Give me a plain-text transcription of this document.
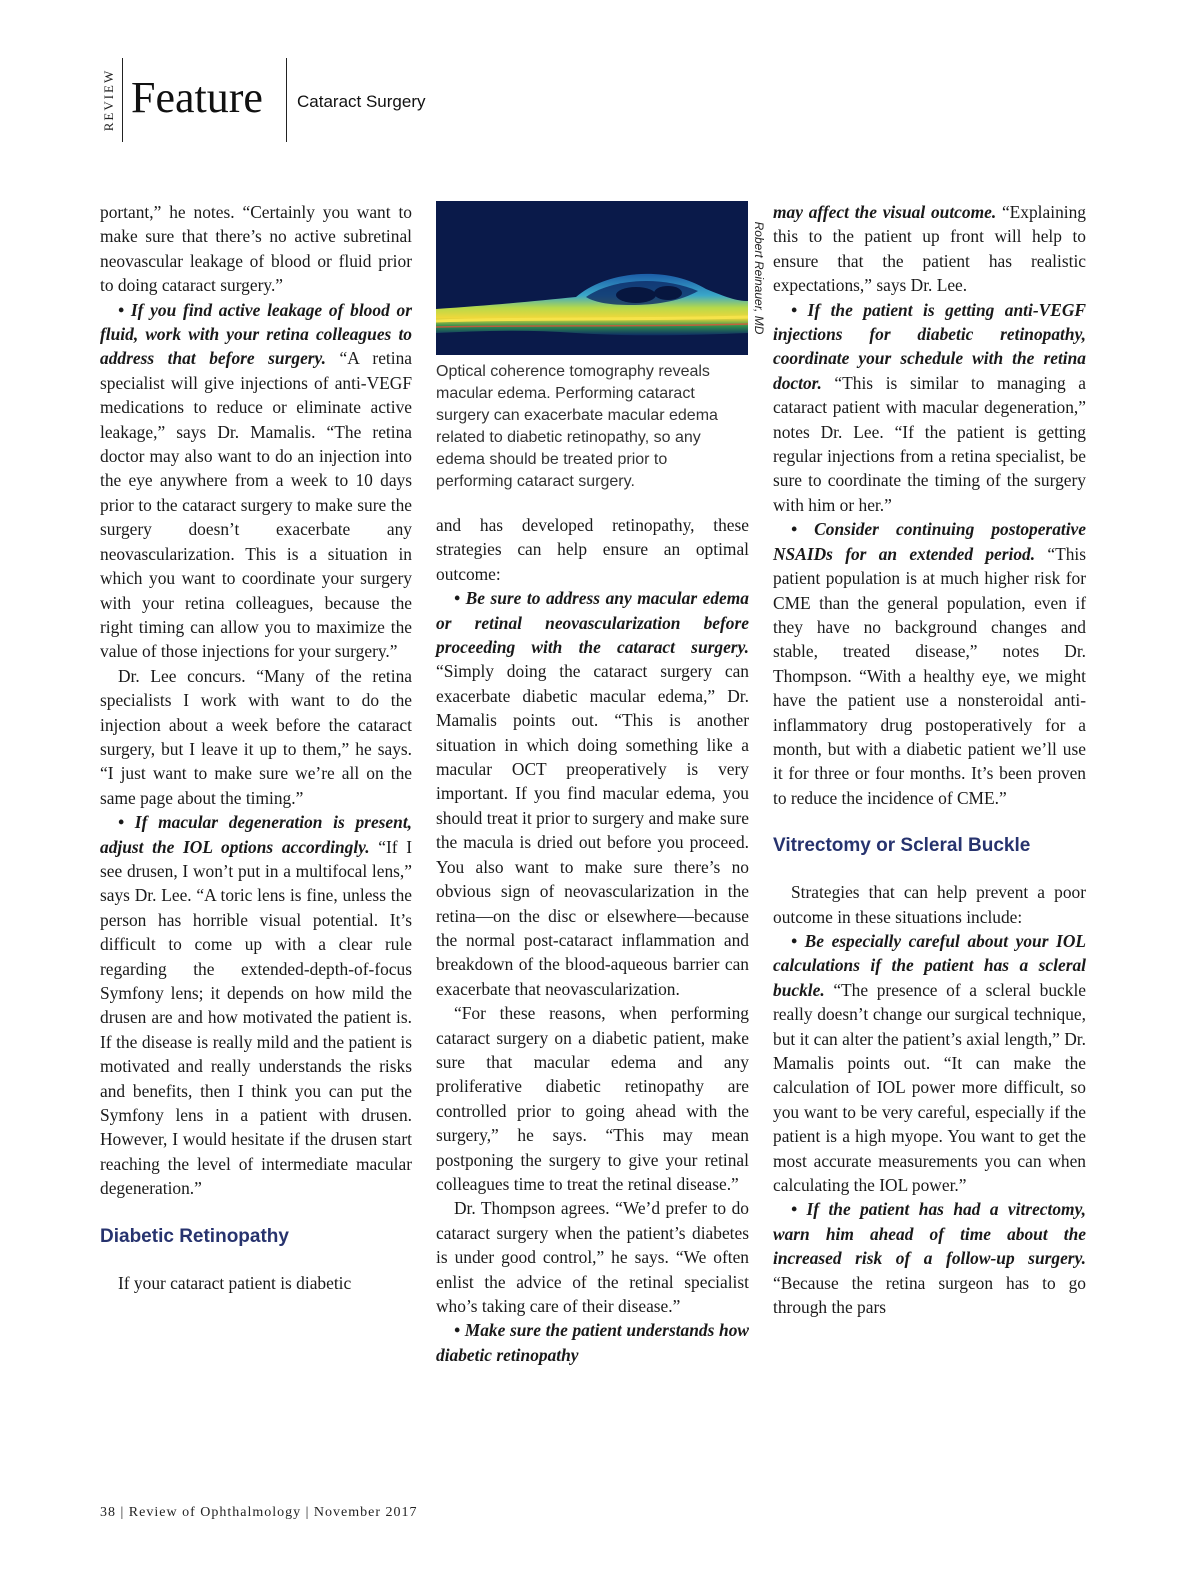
REVIEW Feature Cataract Surgery

portant,” he notes. “Certainly you want to make sure that there’s no active subretinal neovascular leakage of blood or fluid prior to doing cataract surgery.”

• If you find active leakage of blood or fluid, work with your retina colleagues to address that before surgery. “A retina specialist will give injections of anti-VEGF medications to reduce or eliminate active leakage,” says Dr. Mamalis. “The retina doctor may also want to do an injection into the eye anywhere from a week to 10 days prior to the cataract surgery to make sure the surgery doesn’t exacerbate any neovascularization. This is a situation in which you want to coordinate your surgery with your retina colleagues, because the right timing can allow you to maximize the value of those injections for your surgery.”

Dr. Lee concurs. “Many of the retina specialists I work with want to do the injection about a week before the cataract surgery, but I leave it up to them,” he says. “I just want to make sure we’re all on the same page about the timing.”

• If macular degeneration is present, adjust the IOL options accordingly. “If I see drusen, I won’t put in a multifocal lens,” says Dr. Lee. “A toric lens is fine, unless the person has horrible visual potential. It’s difficult to come up with a clear rule regarding the extended-depth-of-focus Symfony lens; it depends on how mild the drusen are and how motivated the patient is. If the disease is really mild and the patient is motivated and really understands the risks and benefits, then I think you can put the Symfony lens in a patient with drusen. However, I would hesitate if the drusen start reaching the level of intermediate macular degeneration.”

Diabetic Retinopathy

If your cataract patient is diabetic

Robert Reinauer, MD
Optical coherence tomography reveals macular edema. Performing cataract surgery can exacerbate macular edema related to diabetic retinopathy, so any edema should be treated prior to performing cataract surgery.

and has developed retinopathy, these strategies can help ensure an optimal outcome:

• Be sure to address any macular edema or retinal neovascularization before proceeding with the cataract surgery. “Simply doing the cataract surgery can exacerbate diabetic macular edema,” Dr. Mamalis points out. “This is another situation in which doing something like a macular OCT preoperatively is very important. If you find macular edema, you should treat it prior to surgery and make sure the macula is dried out before you proceed. You also want to make sure there’s no obvious sign of neovascularization in the retina—on the disc or elsewhere—because the normal post-cataract inflammation and breakdown of the blood-aqueous barrier can exacerbate that neovascularization.

“For these reasons, when performing cataract surgery on a diabetic patient, make sure that macular edema and any proliferative diabetic retinopathy are controlled prior to going ahead with the surgery,” he says. “This may mean postponing the surgery to give your retinal colleagues time to treat the retinal disease.”

Dr. Thompson agrees. “We’d prefer to do cataract surgery when the patient’s diabetes is under good control,” he says. “We often enlist the advice of the retinal specialist who’s taking care of their disease.”

• Make sure the patient understands how diabetic retinopathy

may affect the visual outcome. “Explaining this to the patient up front will help to ensure that the patient has realistic expectations,” says Dr. Lee.

• If the patient is getting anti-VEGF injections for diabetic retinopathy, coordinate your schedule with the retina doctor. “This is similar to managing a cataract patient with macular degeneration,” notes Dr. Lee. “If the patient is getting regular injections from a retina specialist, be sure to coordinate the timing of the surgery with him or her.”

• Consider continuing postoperative NSAIDs for an extended period. “This patient population is at much higher risk for CME than the general population, even if they have no background changes and stable, treated disease,” notes Dr. Thompson. “With a healthy eye, we might have the patient use a nonsteroidal anti-inflammatory drug postoperatively for a month, but with a diabetic patient we’ll use it for three or four months. It’s been proven to reduce the incidence of CME.”

Vitrectomy or Scleral Buckle

Strategies that can help prevent a poor outcome in these situations include:

• Be especially careful about your IOL calculations if the patient has a scleral buckle. “The presence of a scleral buckle really doesn’t change our surgical technique, but it can alter the patient’s axial length,” Dr. Mamalis points out. “It can make the calculation of IOL power more difficult, so you want to be very careful, especially if the patient is a high myope. You want to get the most accurate measurements you can when calculating the IOL power.”

• If the patient has had a vitrectomy, warn him ahead of time about the increased risk of a follow-up surgery. “Because the retina surgeon has to go through the pars

38 | Review of Ophthalmology | November 2017
